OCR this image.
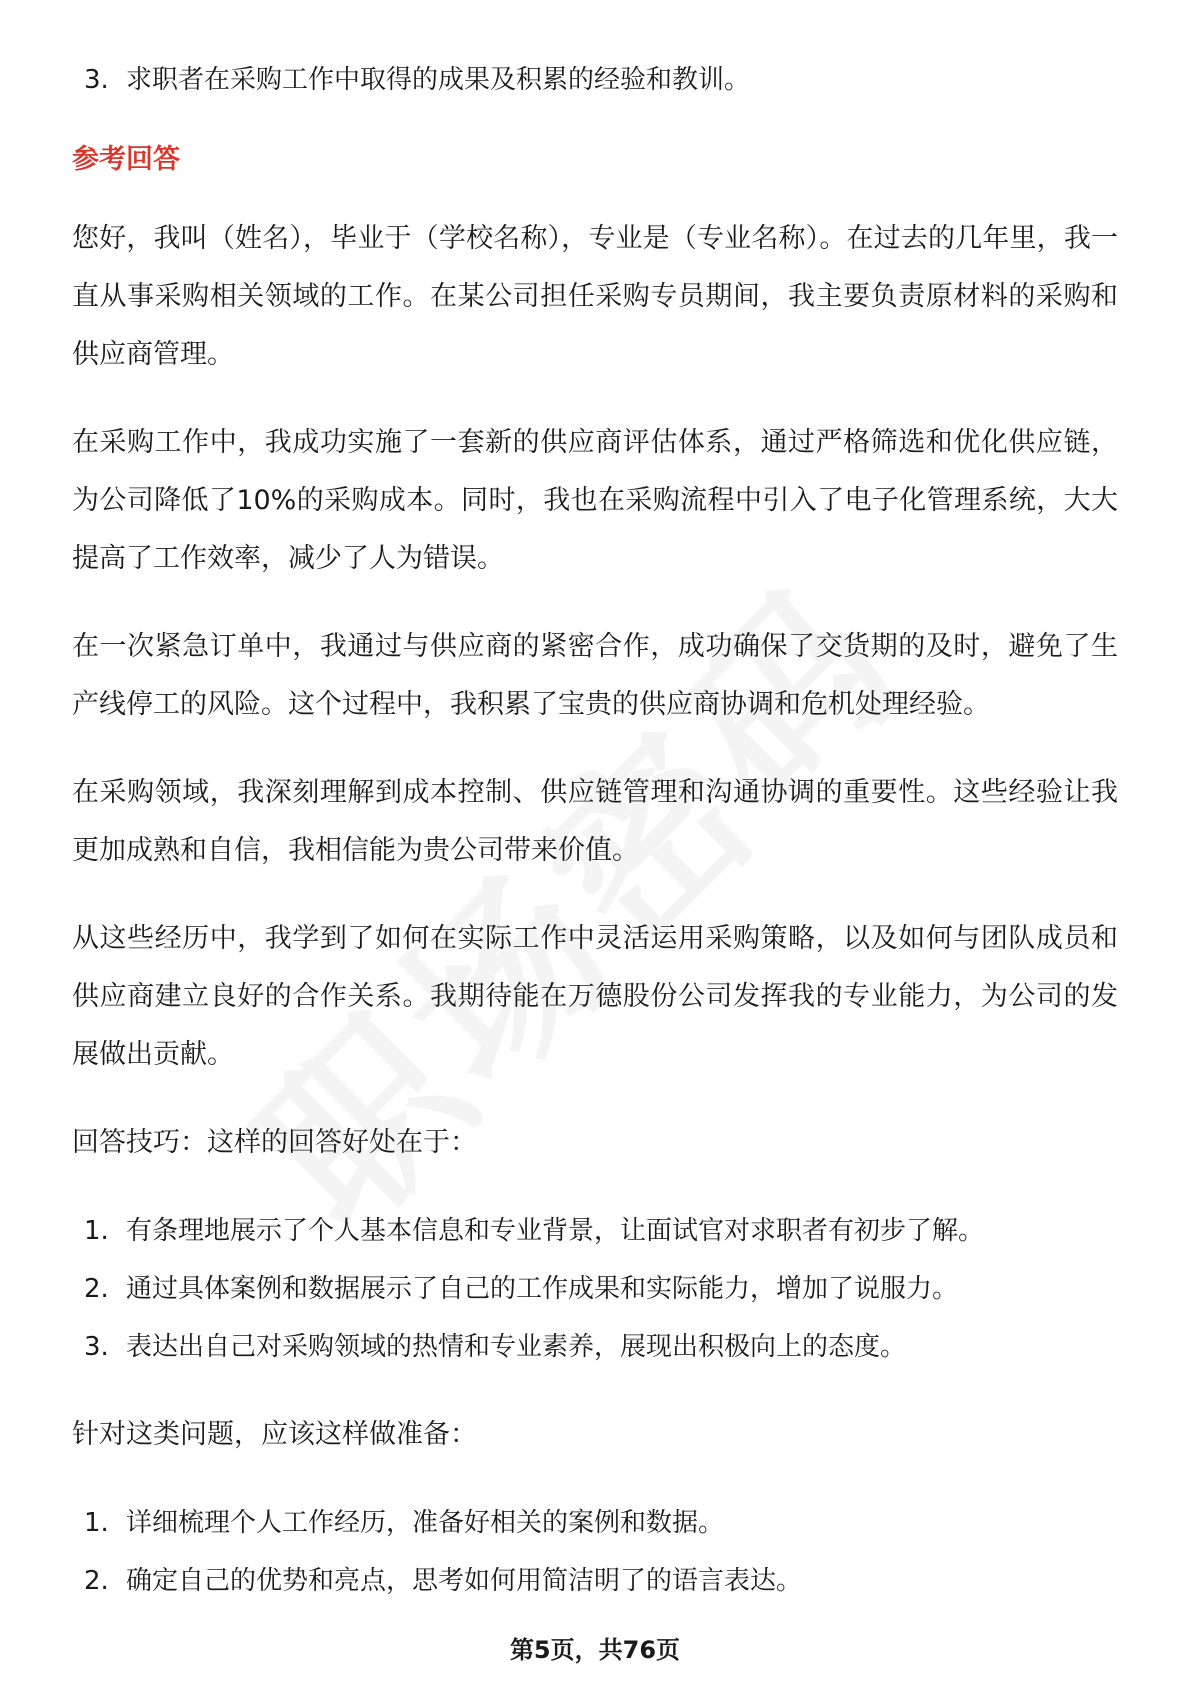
3. 求职者在采购工作中取得的成果及积累的经验和教训。
参考回答

您好，我叫（姓名），毕业于（学校名称），专业是（专业名称）。在过去的几年里，我一直从事采购相关领域的工作。在某公司担任采购专员期间，我主要负责原材料的采购和供应商管理。

在采购工作中，我成功实施了一套新的供应商评估体系，通过严格筛选和优化供应链，为公司降低了10%的采购成本。同时，我也在采购流程中引入了电子化管理系统，大大提高了工作效率，减少了人为错误。

在一次紧急订单中，我通过与供应商的紧密合作，成功确保了交货期的及时，避免了生产线停工的风险。这个过程中，我积累了宝贵的供应商协调和危机处理经验。

在采购领域，我深刻理解到成本控制、供应链管理和沟通协调的重要性。这些经验让我更加成熟和自信，我相信能为贵公司带来价值。

从这些经历中，我学到了如何在实际工作中灵活运用采购策略，以及如何与团队成员和供应商建立良好的合作关系。我期待能在万德股份公司发挥我的专业能力，为公司的发展做出贡献。

回答技巧：这样的回答好处在于：

1. 有条理地展示了个人基本信息和专业背景，让面试官对求职者有初步了解。
2. 通过具体案例和数据展示了自己的工作成果和实际能力，增加了说服力。
3. 表达出自己对采购领域的热情和专业素养，展现出积极向上的态度。

针对这类问题，应该这样做准备：

1. 详细梳理个人工作经历，准备好相关的案例和数据。
2. 确定自己的优势和亮点，思考如何用简洁明了的语言表达。
第5页，共76页
